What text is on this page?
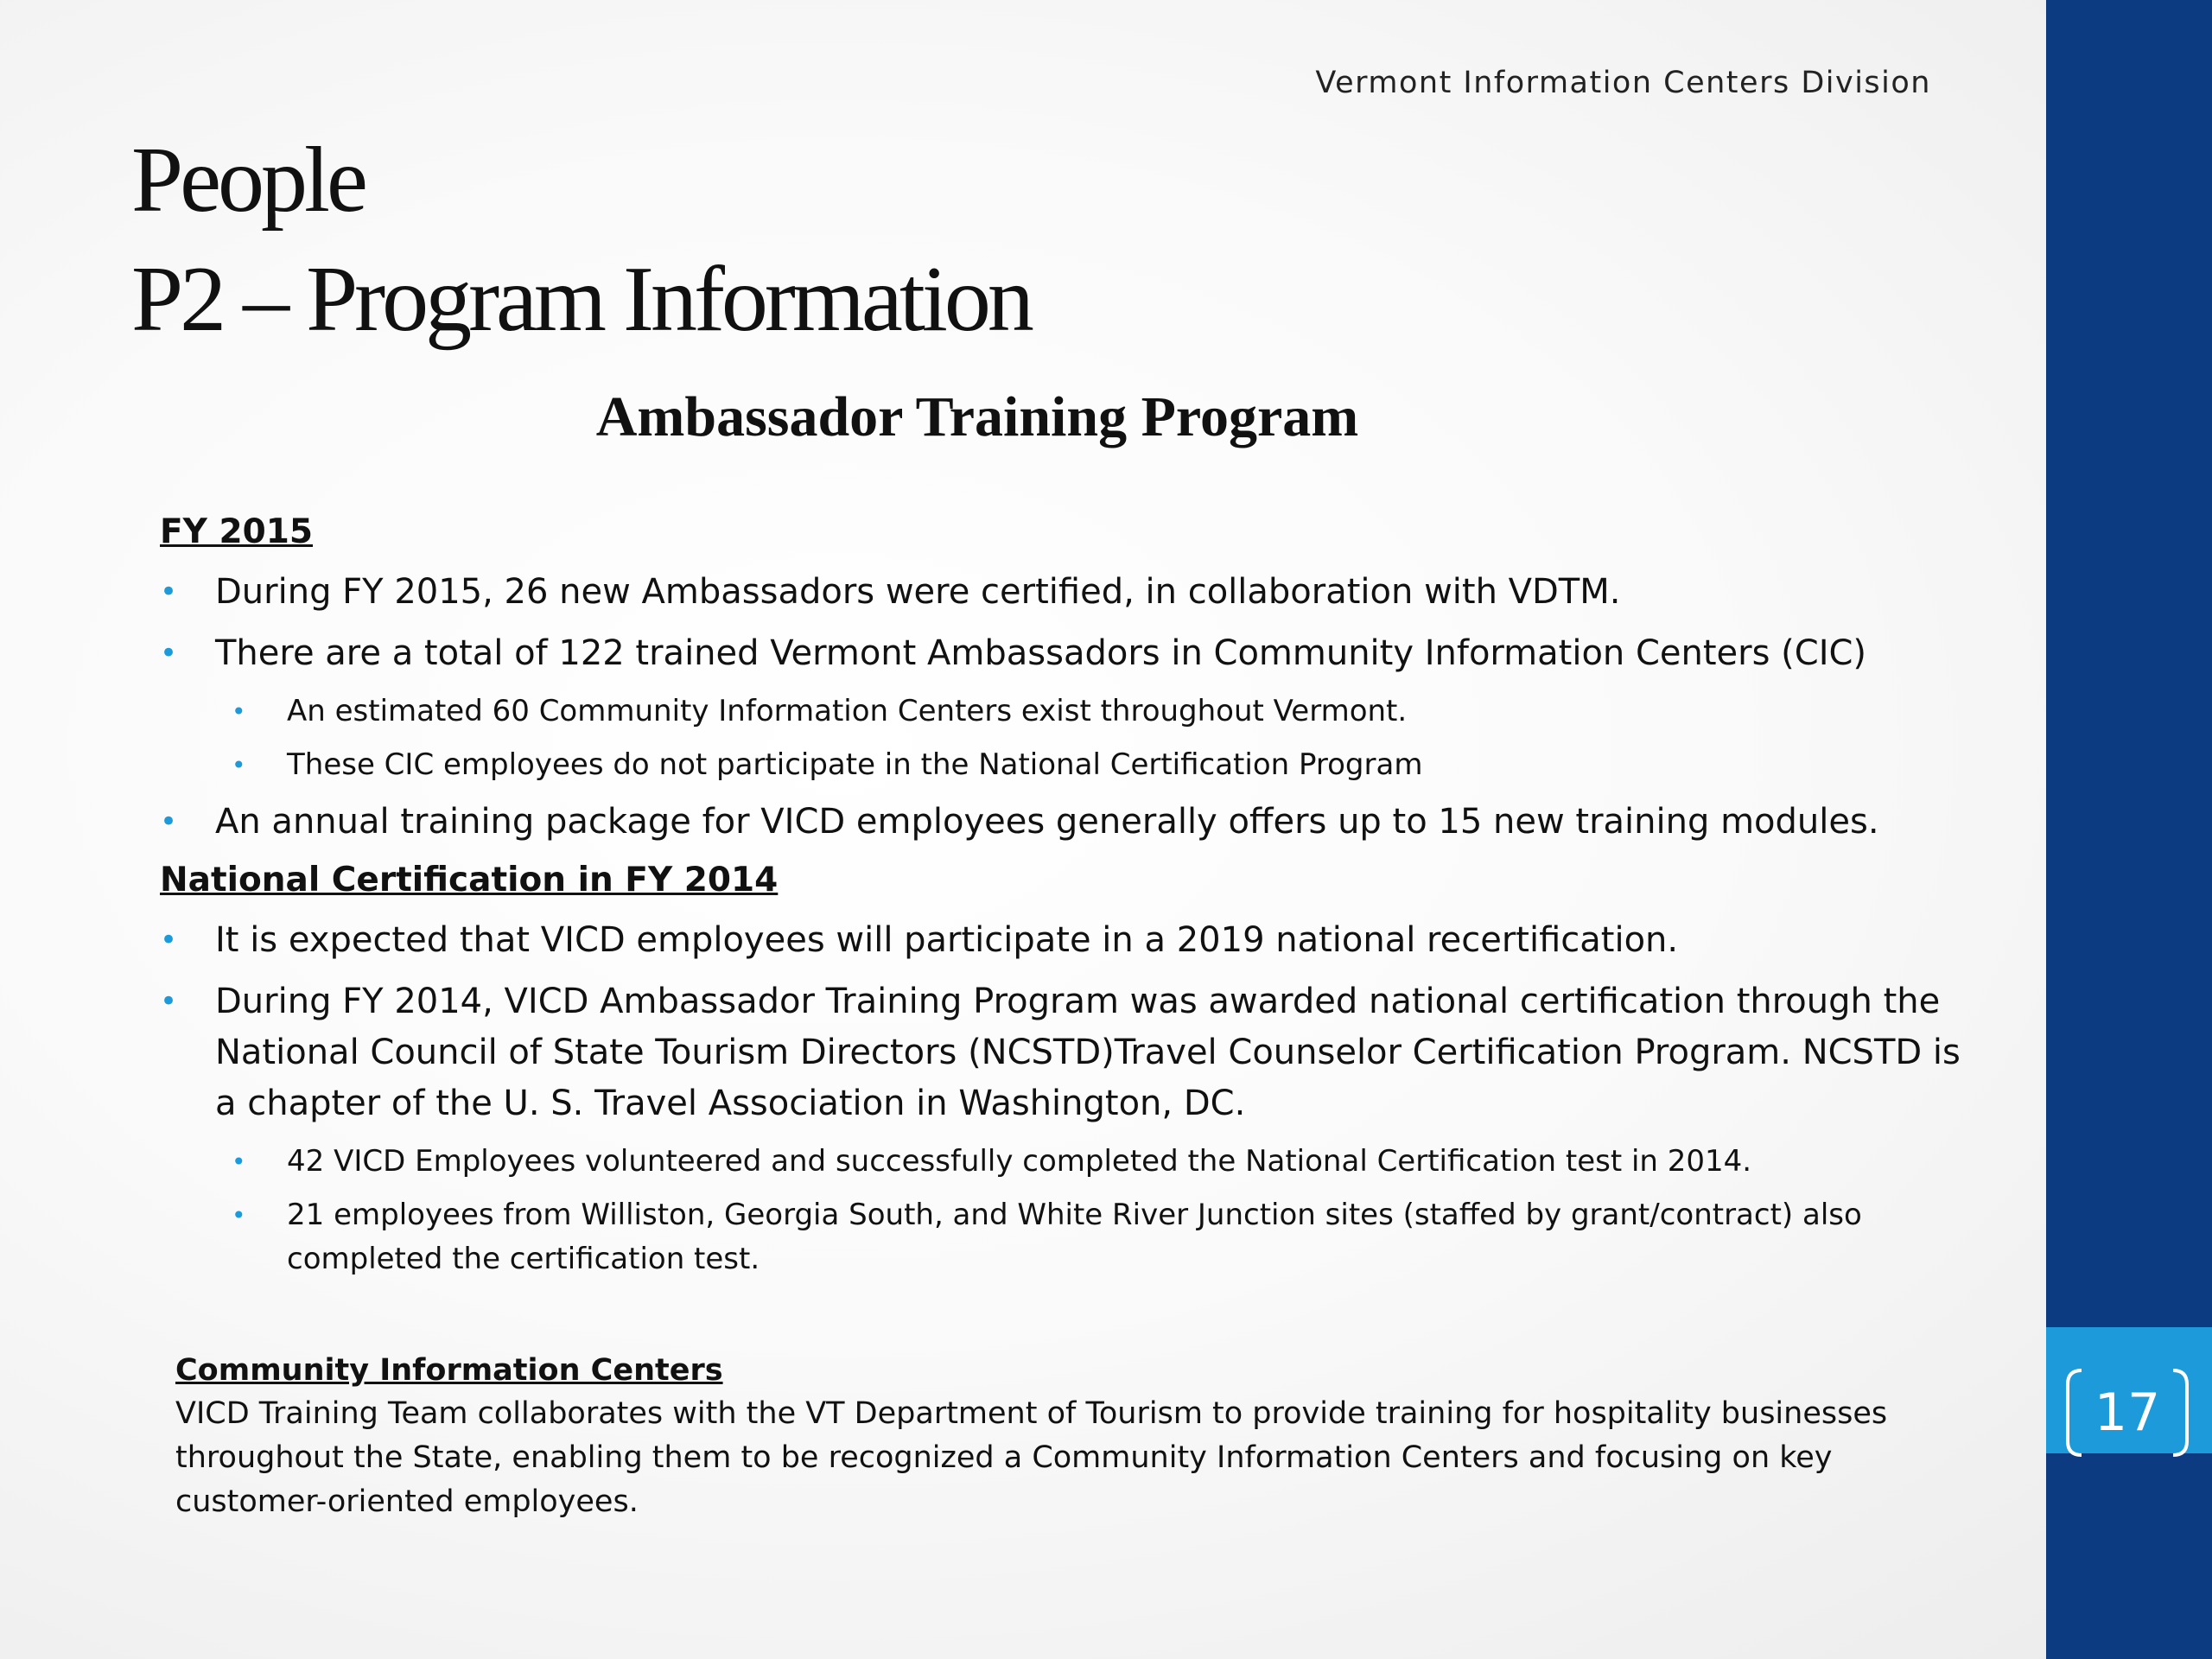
17
Vermont Information Centers Division
People
P2 – Program Information
Ambassador Training Program
FY 2015
• During FY 2015, 26 new Ambassadors were certified, in collaboration with VDTM.
• There are a total of 122 trained Vermont Ambassadors in Community Information Centers (CIC)
• An estimated 60 Community Information Centers exist throughout Vermont.
• These CIC employees do not participate in the National Certification Program
• An annual training package for VICD employees generally offers up to 15 new training modules.
National Certification in FY 2014
• It is expected that VICD employees will participate in a 2019 national recertification.
• During FY 2014, VICD Ambassador Training Program was awarded national certification through the National Council of State Tourism Directors (NCSTD)Travel Counselor Certification Program. NCSTD is a chapter of the U. S. Travel Association in Washington, DC.
• 42 VICD Employees volunteered and successfully completed the National Certification test in 2014.
• 21 employees from Williston, Georgia South, and White River Junction sites (staffed by grant/contract) also completed the certification test.
Community Information Centers
VICD Training Team collaborates with the VT Department of Tourism to provide training for hospitality businesses throughout the State, enabling them to be recognized a Community Information Centers and focusing on key customer-oriented employees.
